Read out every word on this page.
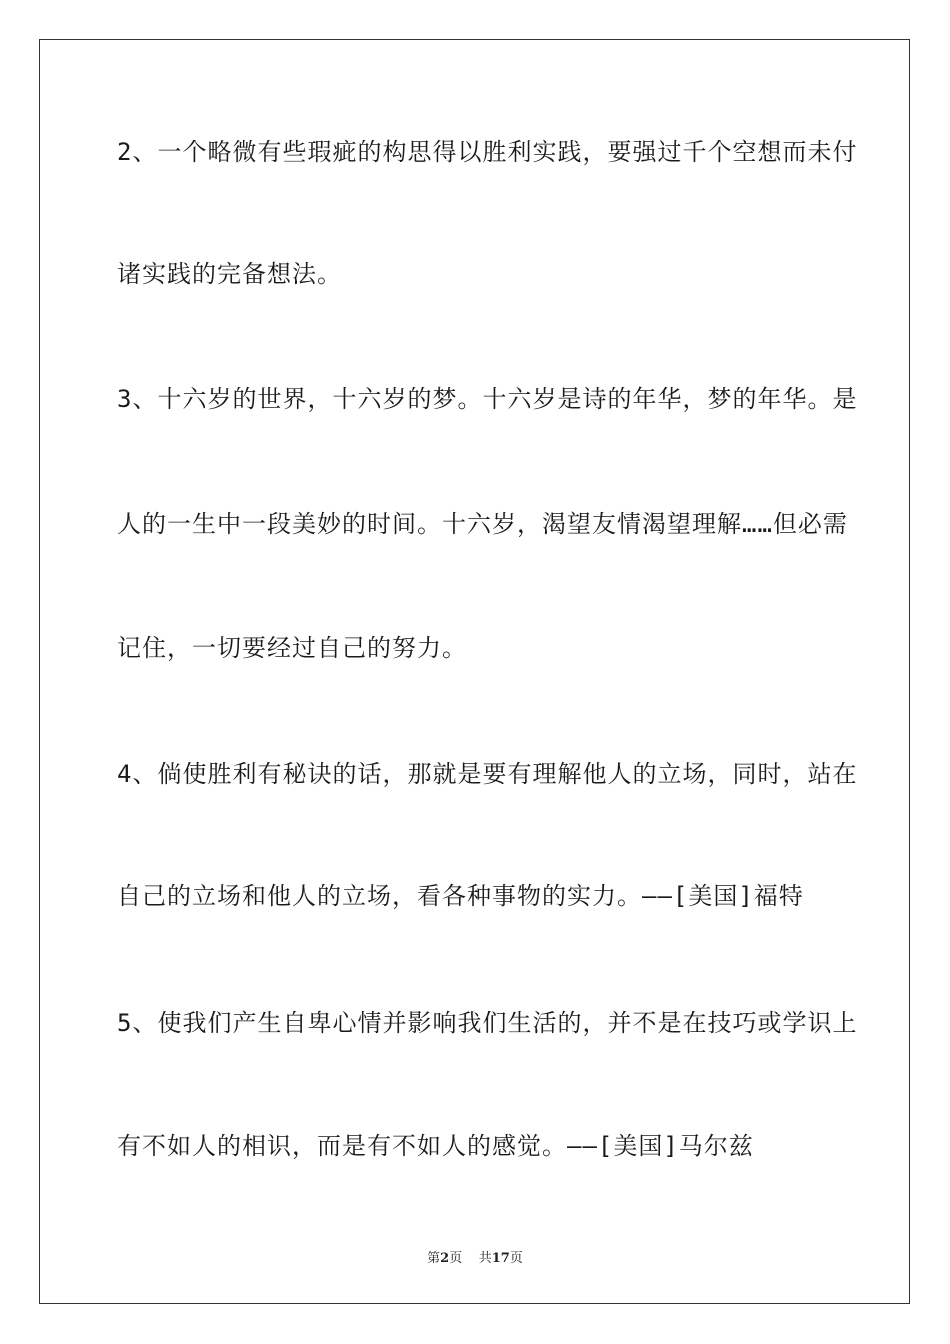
2、一个略微有些瑕疵的构思得以胜利实践，要强过千个空想而未付
诸实践的完备想法。
3、十六岁的世界，十六岁的梦。十六岁是诗的年华，梦的年华。是
人的一生中一段美妙的时间。十六岁，渴望友情渴望理解……但必需
记住，一切要经过自己的努力。
4、倘使胜利有秘诀的话，那就是要有理解他人的立场，同时，站在
自己的立场和他人的立场，看各种事物的实力。——[美国]福特
5、使我们产生自卑心情并影响我们生活的，并不是在技巧或学识上
有不如人的相识，而是有不如人的感觉。——[美国]马尔兹
第2页 共17页
